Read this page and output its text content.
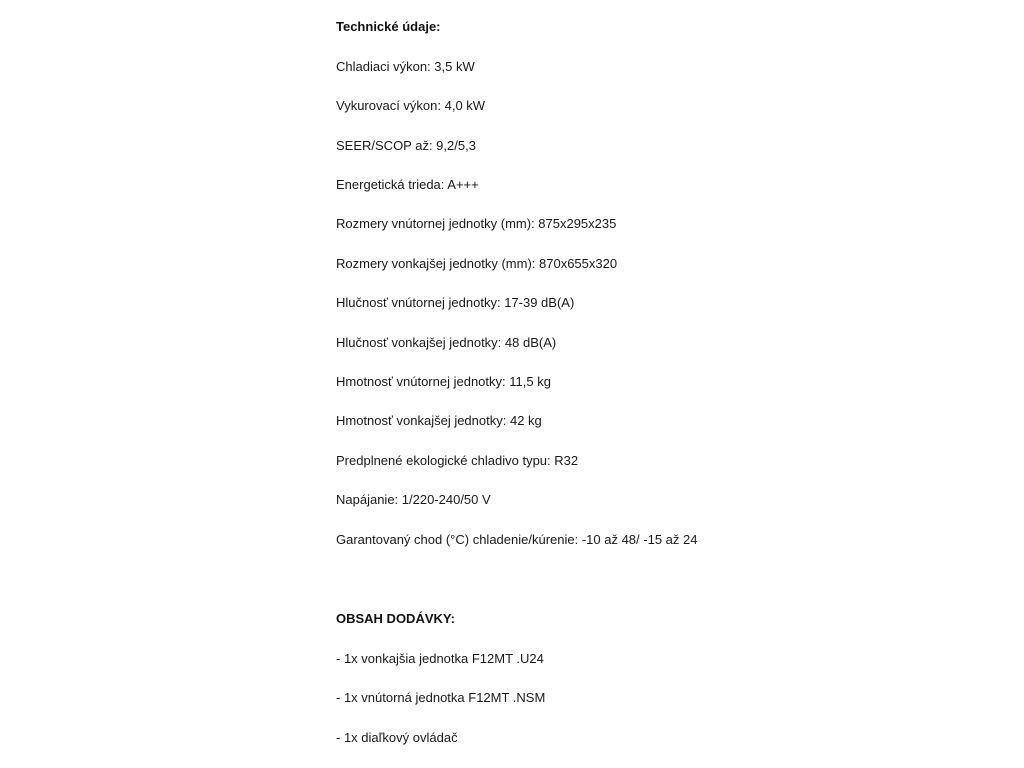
Technické údaje:

Chladiaci výkon: 3,5 kW

Vykurovací výkon: 4,0 kW

SEER/SCOP až: 9,2/5,3

Energetická trieda: A+++

Rozmery vnútornej jednotky (mm): 875x295x235

Rozmery vonkajšej jednotky (mm): 870x655x320

Hlučnosť vnútornej jednotky: 17-39 dB(A)

Hlučnosť vonkajšej jednotky: 48 dB(A)

Hmotnosť vnútornej jednotky: 11,5 kg

Hmotnosť vonkajšej jednotky: 42 kg

Predplnené ekologické chladivo typu: R32

Napájanie: 1/220-240/50 V

Garantovaný chod (°C) chladenie/kúrenie: -10 až 48/ -15 až 24

OBSAH DODÁVKY:

- 1x vonkajšia jednotka F12MT .U24

- 1x vnútorná jednotka F12MT .NSM

- 1x diaľkový ovládač
